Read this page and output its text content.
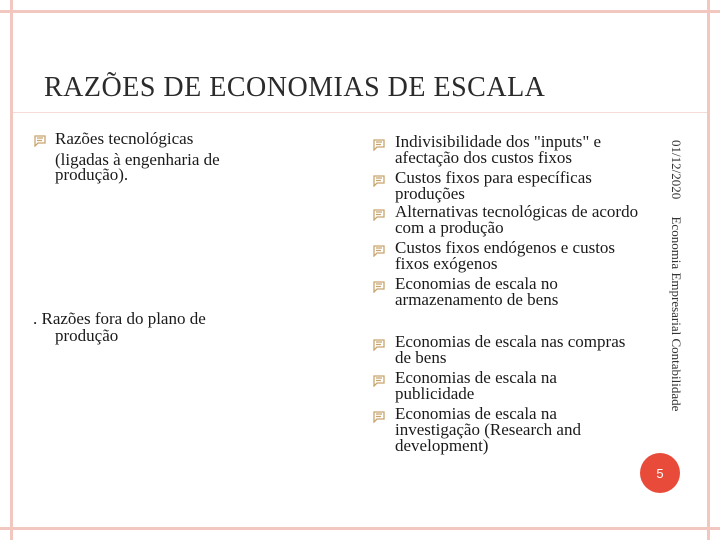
RAZÕES DE ECONOMIAS DE ESCALA
Razões tecnológicas
(ligadas à engenharia de
produção).
. Razões fora do plano de
produção
Indivisibilidade dos "inputs" e
afectação dos custos fixos
Custos fixos para específicas
produções
Alternativas tecnológicas de acordo
com a produção
Custos fixos endógenos e custos
fixos exógenos
Economias de escala no
armazenamento de bens
Economias de escala nas compras
de bens
Economias de escala na
publicidade
Economias de escala na
investigação (Research and
development)
01/12/2020 Economia Empresarial Contabilidade
5
